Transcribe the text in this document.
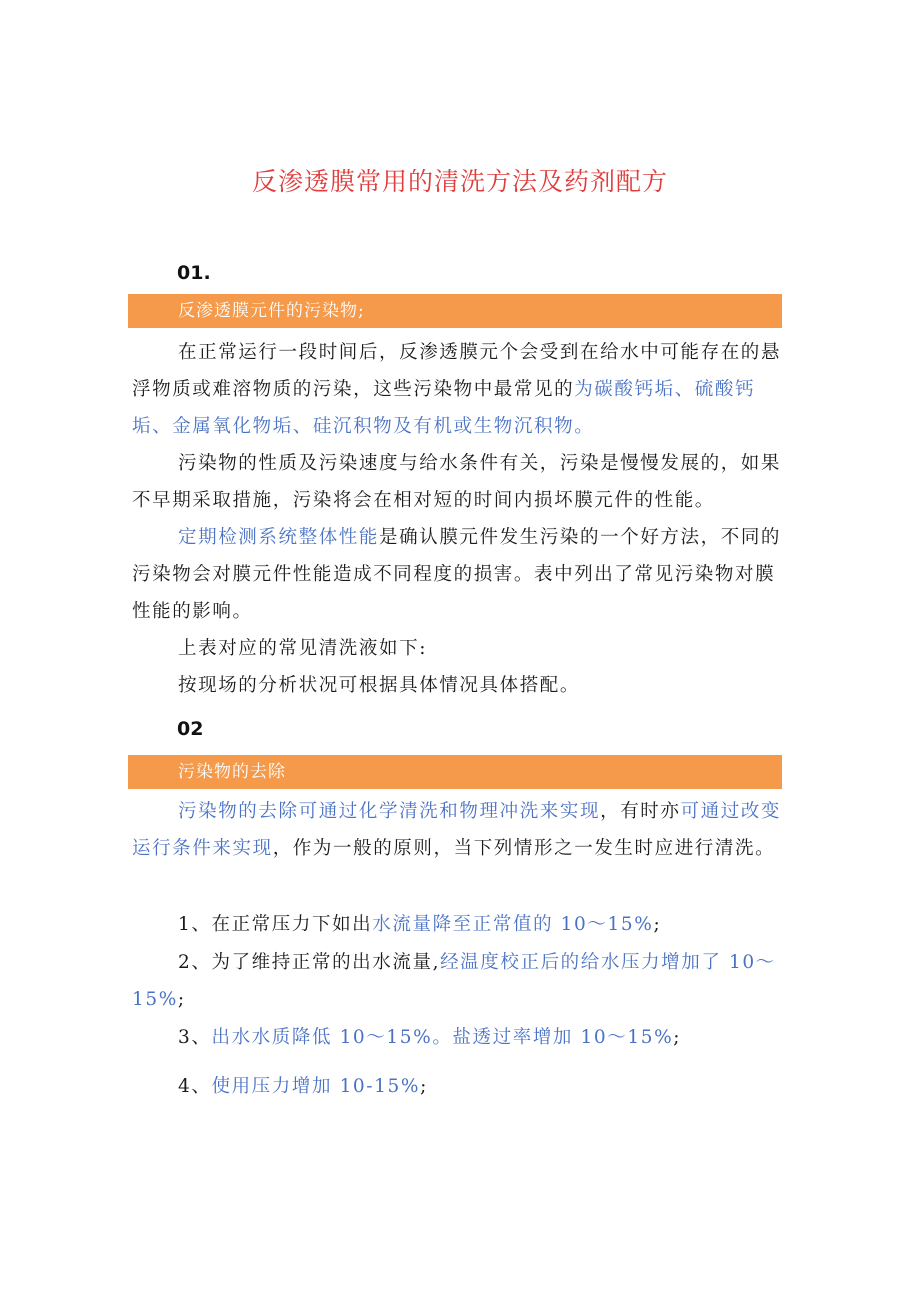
反渗透膜常用的清洗方法及药剂配方
01.
反渗透膜元件的污染物;

在正常运行一段时间后，反渗透膜元个会受到在给水中可能存在的悬浮物质或难溶物质的污染，这些污染物中最常见的为碳酸钙垢、硫酸钙垢、金属氧化物垢、硅沉积物及有机或生物沉积物。

污染物的性质及污染速度与给水条件有关，污染是慢慢发展的，如果不早期采取措施，污染将会在相对短的时间内损坏膜元件的性能。

定期检测系统整体性能是确认膜元件发生污染的一个好方法，不同的污染物会对膜元件性能造成不同程度的损害。表中列出了常见污染物对膜性能的影响。

上表对应的常见清洗液如下:

按现场的分析状况可根据具体情况具体搭配。

02
污染物的去除

污染物的去除可通过化学清洗和物理冲洗来实现，有时亦可通过改变运行条件来实现，作为一般的原则，当下列情形之一发生时应进行清洗。

1、在正常压力下如出水流量降至正常值的 10～15%;

2、为了维持正常的出水流量,经温度校正后的给水压力增加了 10～15%;

3、出水水质降低 10～15%。盐透过率增加 10～15%;

4、使用压力增加 10-15%;
